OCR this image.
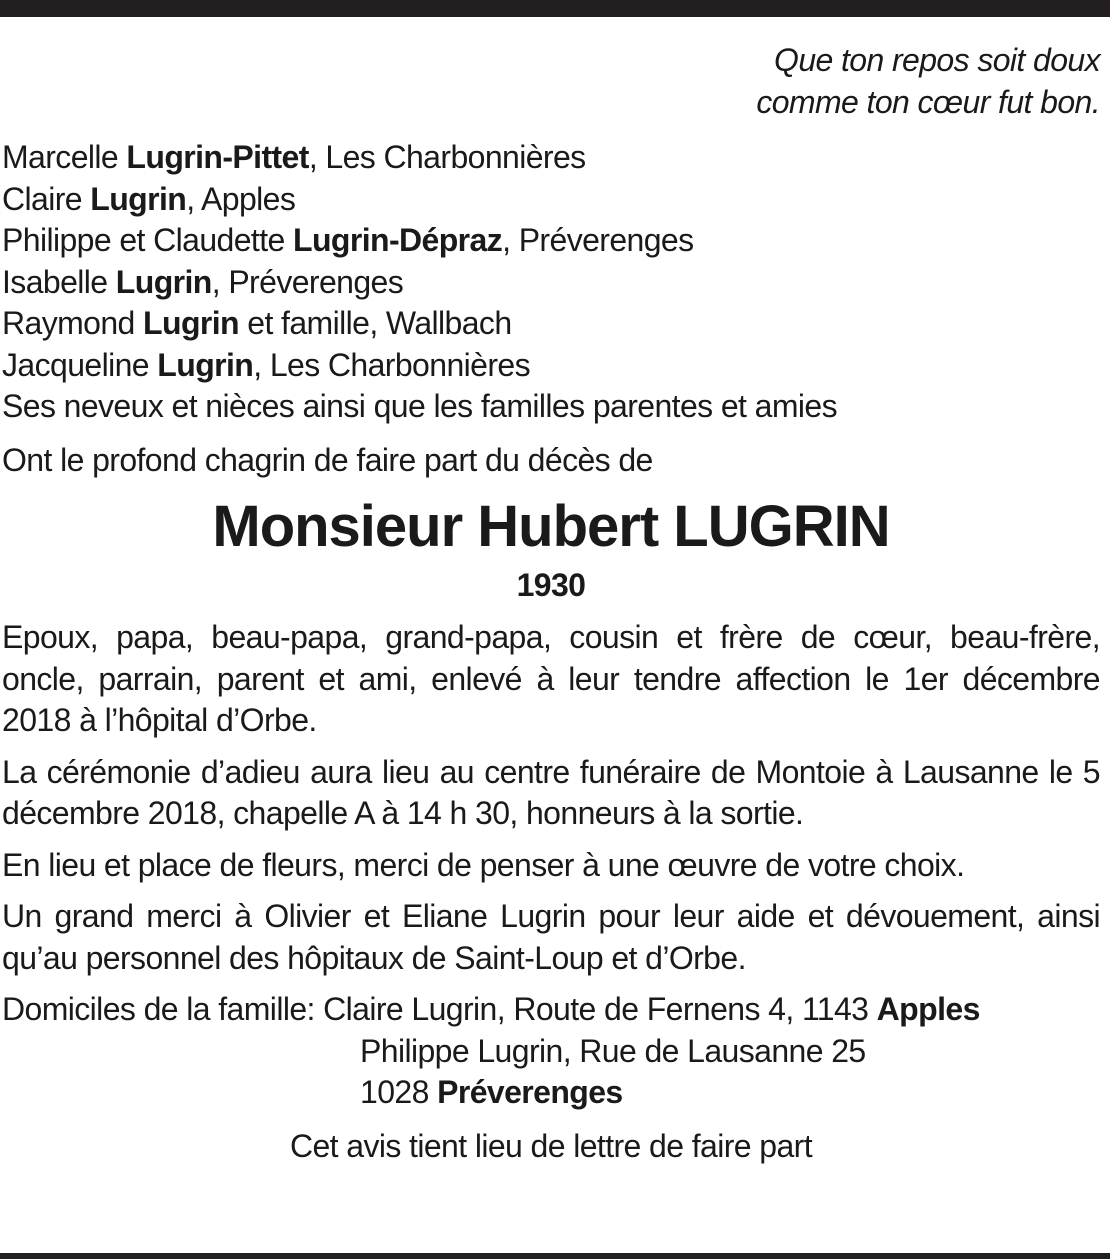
Que ton repos soit doux
comme ton cœur fut bon.
Marcelle Lugrin-Pittet, Les Charbonnières
Claire Lugrin, Apples
Philippe et Claudette Lugrin-Dépraz, Préverenges
Isabelle Lugrin, Préverenges
Raymond Lugrin et famille, Wallbach
Jacqueline Lugrin, Les Charbonnières
Ses neveux et nièces ainsi que les familles parentes et amies
Ont le profond chagrin de faire part du décès de
Monsieur Hubert LUGRIN
1930
Epoux, papa, beau-papa, grand-papa, cousin et frère de cœur, beau-frère, oncle, parrain, parent et ami, enlevé à leur tendre affection le 1er décembre 2018 à l’hôpital d’Orbe.
La cérémonie d’adieu aura lieu au centre funéraire de Montoie à Lausanne le 5 décembre 2018, chapelle A à 14 h 30, honneurs à la sortie.
En lieu et place de fleurs, merci de penser à une œuvre de votre choix.
Un grand merci à Olivier et Eliane Lugrin pour leur aide et dévouement, ainsi qu’au personnel des hôpitaux de Saint-Loup et d’Orbe.
Domiciles de la famille: Claire Lugrin, Route de Fernens 4, 1143 Apples
Philippe Lugrin, Rue de Lausanne 25
1028 Préverenges
Cet avis tient lieu de lettre de faire part
